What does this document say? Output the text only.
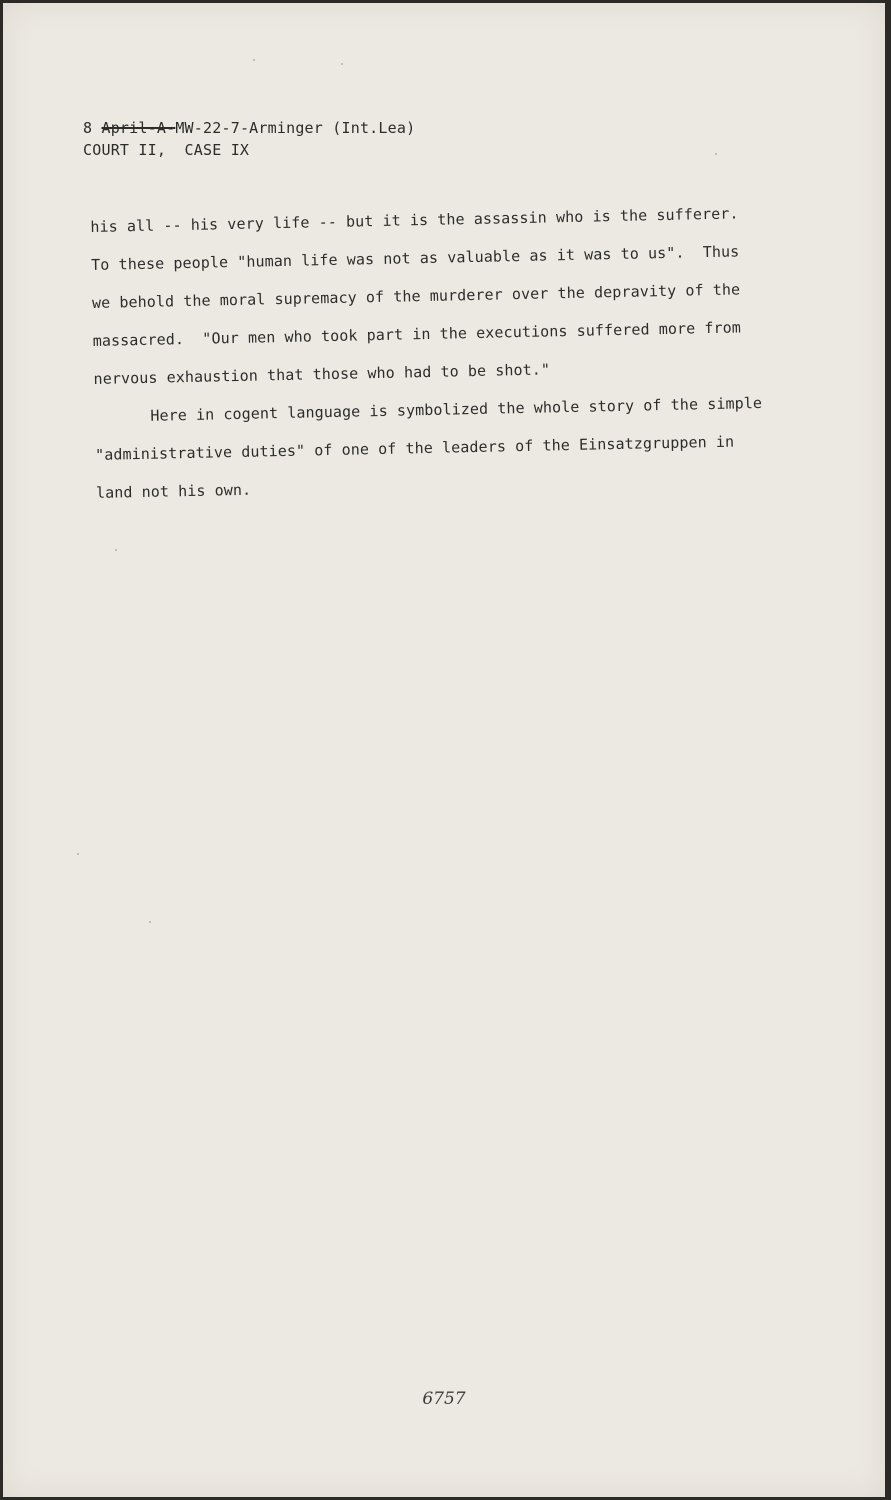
8 April-A-MW-22-7-Arminger (Int.Lea)
COURT II,  CASE IX
his all -- his very life -- but it is the assassin who is the sufferer.
To these people "human life was not as valuable as it was to us".  Thus
we behold the moral supremacy of the murderer over the depravity of the
massacred.  "Our men who took part in the executions suffered more from
nervous exhaustion that those who had to be shot."
Here in cogent language is symbolized the whole story of the simple
"administrative duties" of one of the leaders of the Einsatzgruppen in
land not his own.
6757
